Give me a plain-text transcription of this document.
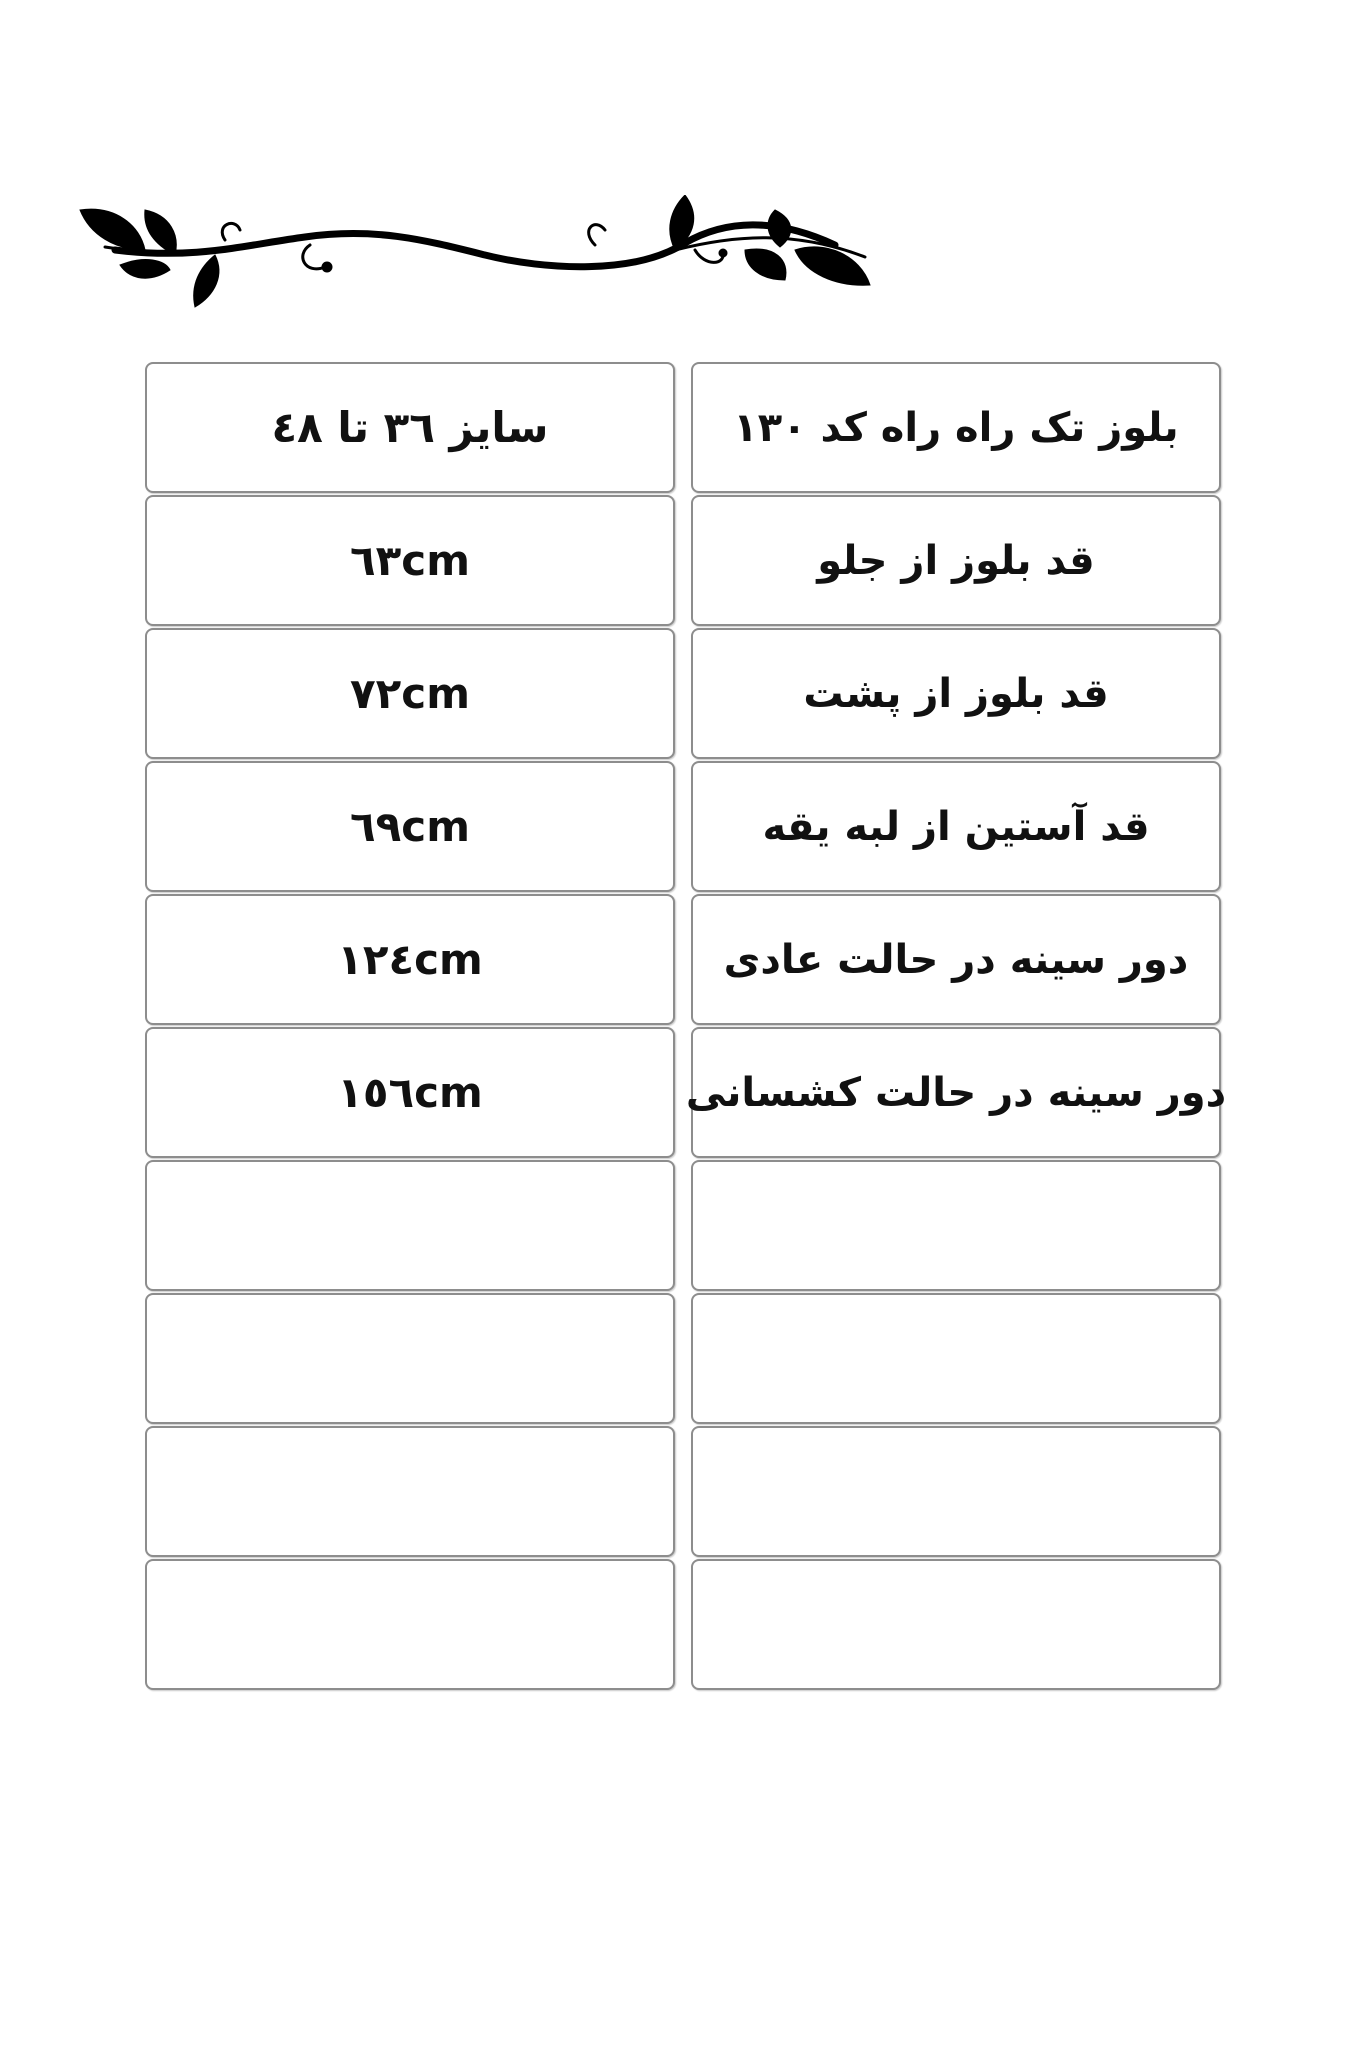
سایز ۳٦ تا ٤٨	بلوز تک راه راه کد ۱۳۰
٦٣cm	قد بلوز از جلو
٧٢cm	قد بلوز از پشت
٦٩cm	قد آستین از لبه یقه
١٢٤cm	دور سینه در حالت عادی
١٥٦cm	دور سینه در حالت کشسانی
